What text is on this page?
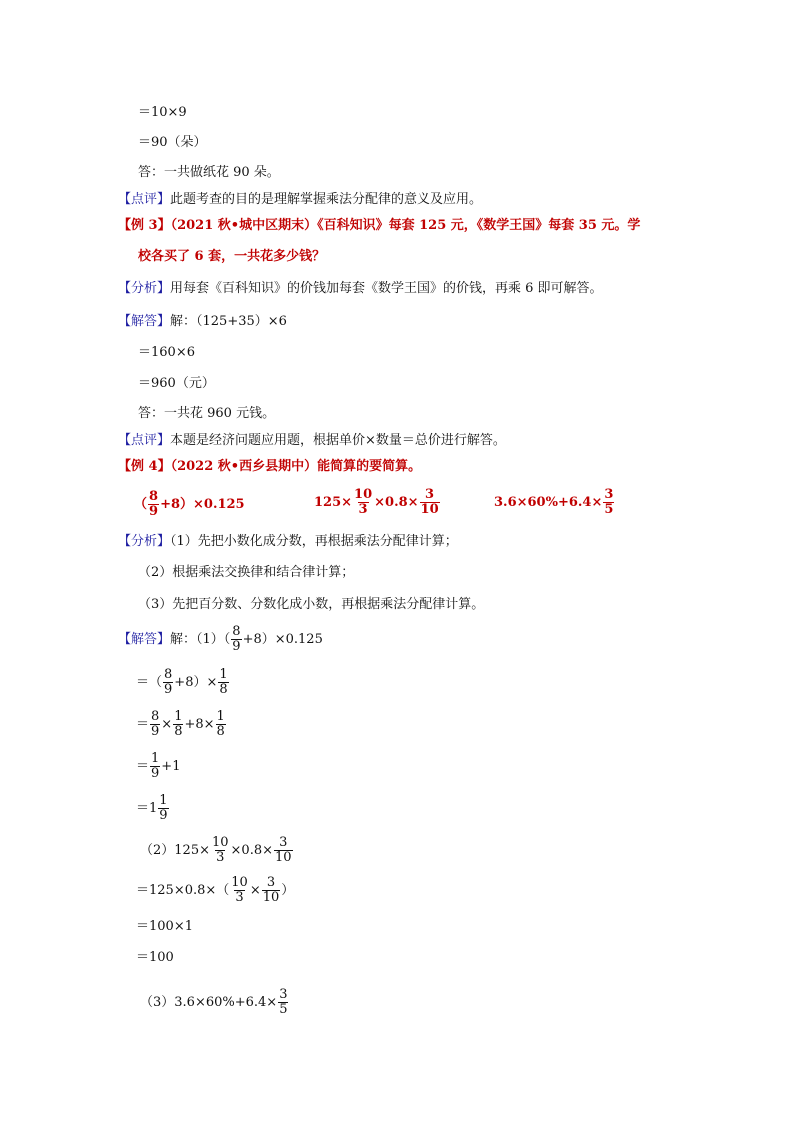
＝10×9
＝90（朵）
答：一共做纸花 90 朵。
【点评】此题考查的目的是理解掌握乘法分配律的意义及应用。
【例 3】（2021 秋•城中区期末）《百科知识》每套 125 元，《数学王国》每套 35 元。学
校各买了 6 套，一共花多少钱？
【分析】用每套《百科知识》的价钱加每套《数学王国》的价钱，再乘 6 即可解答。
【解答】解：（125+35）×6
＝160×6
＝960（元）
答：一共花 960 元钱。
【点评】本题是经济问题应用题，根据单价×数量＝总价进行解答。
【例 4】（2022 秋•西乡县期中）能简算的要简算。
（ $\frac{8}{9} +8)\times 0.125$	$125\times \frac{10}{3} \times 0.8\times \frac{3}{10}$	$3.6\times 60\%+6.4\times \frac{3}{5}$
【分析】（1）先把小数化成分数，再根据乘法分配律计算；
（2）根据乘法交换律和结合律计算；
（3）先把百分数、分数化成小数，再根据乘法分配律计算。
【解答】解：$(1)( \frac{8}{9} +8)\times 0.125$
＝（ $\frac{8}{9} +8)\times \frac{1}{8}$
＝ $\frac{8}{9} \times \frac{1}{8} +8\times \frac{1}{8}$
＝ $\frac{1}{9} +1$
$=1 \frac{1}{9}$
$(2)125\times \frac{10}{3} \times 0.8\times \frac{3}{10}$
$=125\times 0.8\times( \frac{10}{3} \times \frac{3}{10}$ ）
＝100×1
＝100
$(3)3.6\times 60\%+6.4\times \frac{3}{5}$
